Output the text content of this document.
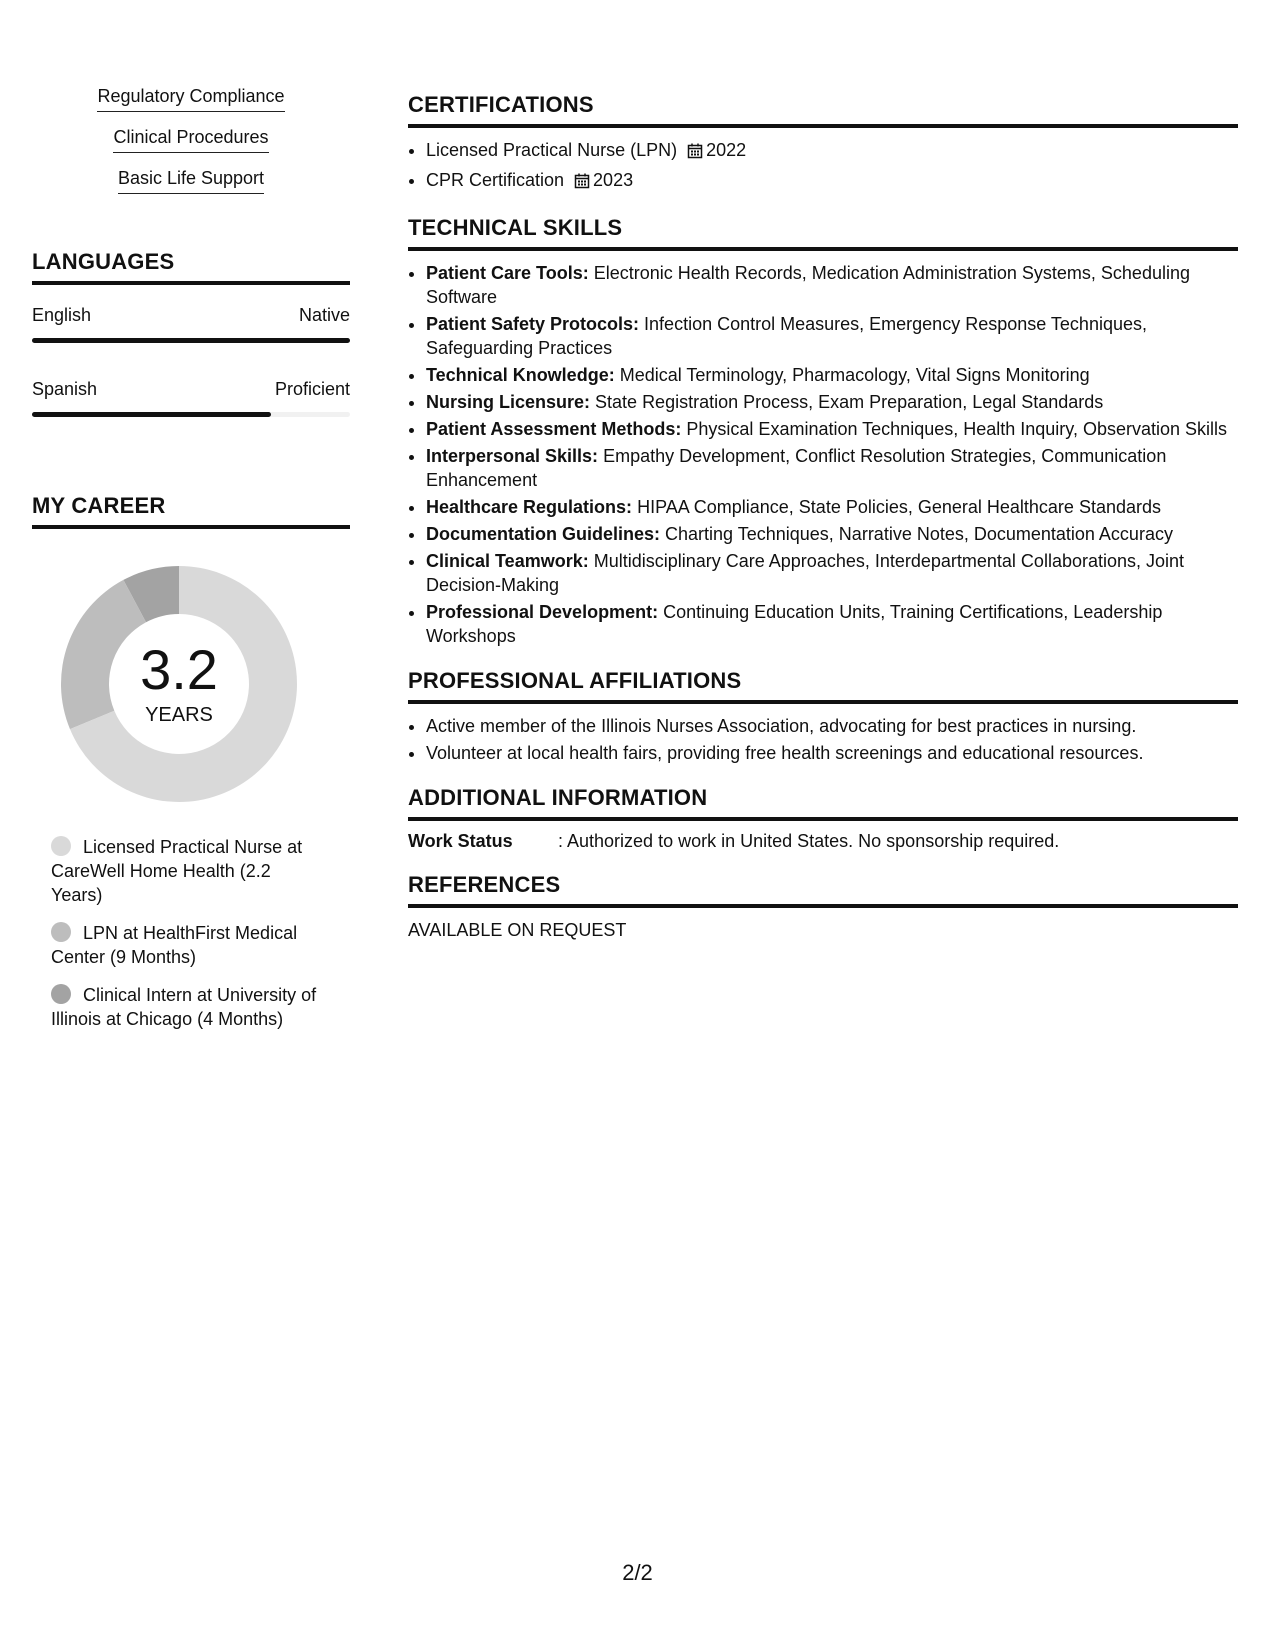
Regulatory Compliance
Clinical Procedures
Basic Life Support
LANGUAGES
English	Native
Spanish	Proficient
MY CAREER
3.2
YEARS
Licensed Practical Nurse at CareWell Home Health (2.2 Years)
LPN at HealthFirst Medical Center (9 Months)
Clinical Intern at University of Illinois at Chicago (4 Months)
CERTIFICATIONS
• Licensed Practical Nurse (LPN) 2022
• CPR Certification 2023
TECHNICAL SKILLS
• Patient Care Tools: Electronic Health Records, Medication Administration Systems, Scheduling Software
• Patient Safety Protocols: Infection Control Measures, Emergency Response Techniques, Safeguarding Practices
• Technical Knowledge: Medical Terminology, Pharmacology, Vital Signs Monitoring
• Nursing Licensure: State Registration Process, Exam Preparation, Legal Standards
• Patient Assessment Methods: Physical Examination Techniques, Health Inquiry, Observation Skills
• Interpersonal Skills: Empathy Development, Conflict Resolution Strategies, Communication Enhancement
• Healthcare Regulations: HIPAA Compliance, State Policies, General Healthcare Standards
• Documentation Guidelines: Charting Techniques, Narrative Notes, Documentation Accuracy
• Clinical Teamwork: Multidisciplinary Care Approaches, Interdepartmental Collaborations, Joint Decision-Making
• Professional Development: Continuing Education Units, Training Certifications, Leadership Workshops
PROFESSIONAL AFFILIATIONS
• Active member of the Illinois Nurses Association, advocating for best practices in nursing.
• Volunteer at local health fairs, providing free health screenings and educational resources.
ADDITIONAL INFORMATION
Work Status	: Authorized to work in United States. No sponsorship required.
REFERENCES
AVAILABLE ON REQUEST
2/2
